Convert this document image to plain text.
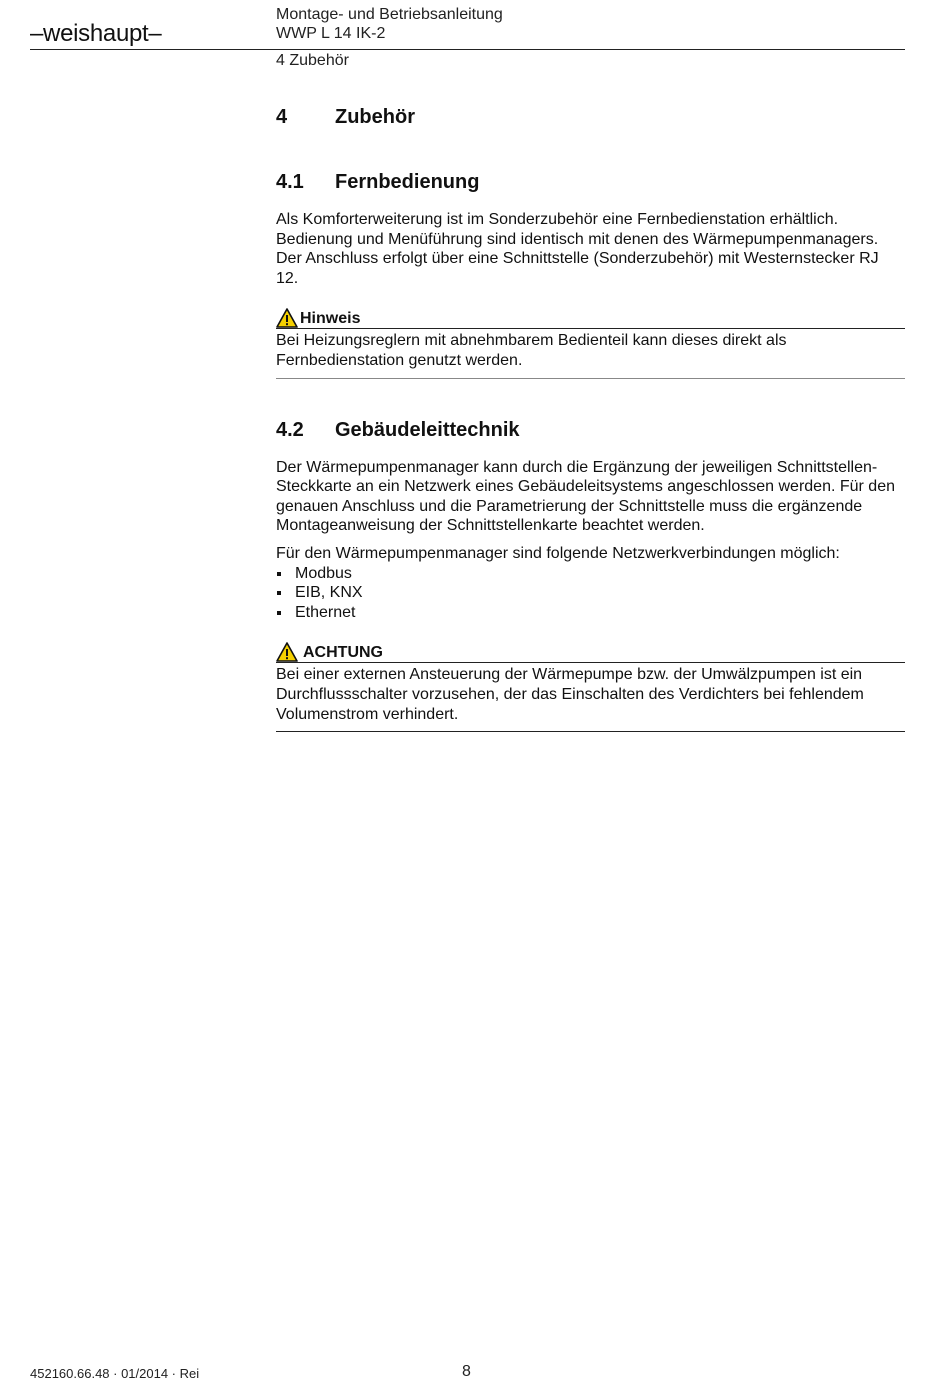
–weishaupt–
Montage- und Betriebsanleitung
WWP L 14 IK-2
4 Zubehör
4 Zubehör
4.1 Fernbedienung

Als Komforterweiterung ist im Sonderzubehör eine Fernbedienstation erhältlich. Bedienung und Menüführung sind identisch mit denen des Wärmepumpenmanagers. Der Anschluss erfolgt über eine Schnittstelle (Sonderzubehör) mit Westernstecker RJ 12.

Hinweis

Bei Heizungsreglern mit abnehmbarem Bedienteil kann dieses direkt als Fernbedienstation genutzt werden.

4.2 Gebäudeleittechnik

Der Wärmepumpenmanager kann durch die Ergänzung der jeweiligen Schnittstellen-Steckkarte an ein Netzwerk eines Gebäudeleitsystems angeschlossen werden. Für den genauen Anschluss und die Parametrierung der Schnittstelle muss die ergänzende Montageanweisung der Schnittstellenkarte beachtet werden.

Für den Wärmepumpenmanager sind folgende Netzwerkverbindungen möglich:

Modbus
EIB, KNX
Ethernet
ACHTUNG

Bei einer externen Ansteuerung der Wärmepumpe bzw. der Umwälzpumpen ist ein Durchflussschalter vorzusehen, der das Einschalten des Verdichters bei fehlendem Volumenstrom verhindert.

452160.66.48 · 01/2014 · Rei	8
